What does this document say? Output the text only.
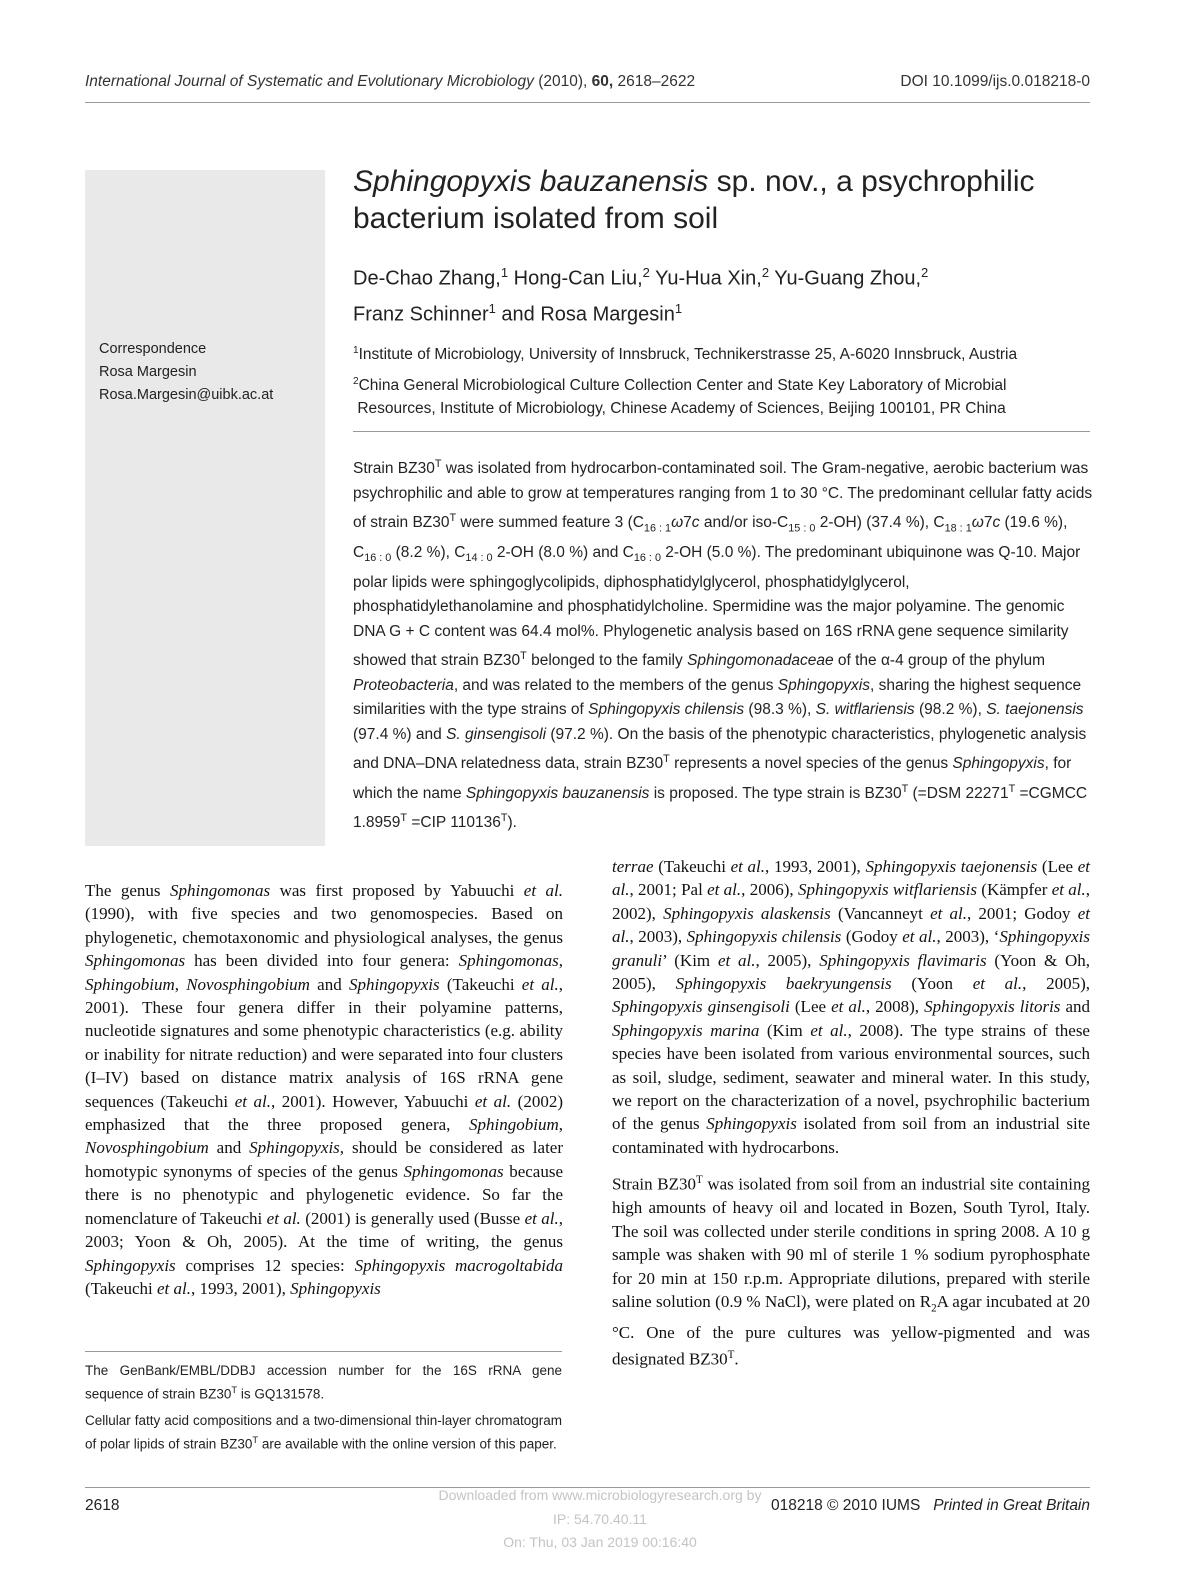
International Journal of Systematic and Evolutionary Microbiology (2010), 60, 2618–2622	DOI 10.1099/ijs.0.018218-0
Correspondence
Rosa Margesin
Rosa.Margesin@uibk.ac.at
Sphingopyxis bauzanensis sp. nov., a psychrophilic
bacterium isolated from soil
De-Chao Zhang,$^1$ Hong-Can Liu,$^2$ Yu-Hua Xin,$^2$ Yu-Guang Zhou,$^2$
Franz Schinner$^1$ and Rosa Margesin$^1$
$^1$Institute of Microbiology, University of Innsbruck, Technikerstrasse 25, A-6020 Innsbruck, Austria
$^2$China General Microbiological Culture Collection Center and State Key Laboratory of Microbial
Resources, Institute of Microbiology, Chinese Academy of Sciences, Beijing 100101, PR China
Strain $BZ30^T$ was isolated from hydrocarbon-contaminated soil. The Gram-negative, aerobic bacterium was psychrophilic and able to grow at temperatures ranging from 1 to 30 °C. The predominant cellular fatty acids of strain $BZ30^T$ were summed feature 3 ($C_{16 : 1}\omega 7c$ and/or iso-$C_{15 : 0}$ 2-OH) (37.4 %), $C_{18 : 1}\omega 7c$ (19.6 %), $C_{16 : 0}$ (8.2 %), $C_{14 : 0}$ 2-OH (8.0 %) and $C_{16 : 0}$ 2-OH (5.0 %). The predominant ubiquinone was Q-10. Major polar lipids were sphingoglycolipids, diphosphatidylglycerol, phosphatidylglycerol, phosphatidylethanolamine and phosphatidylcholine. Spermidine was the major polyamine. The genomic DNA G + C content was 64.4 mol%. Phylogenetic analysis based on 16S rRNA gene sequence similarity showed that strain $BZ30^T$ belonged to the family Sphingomonadaceae of the α-4 group of the phylum Proteobacteria, and was related to the members of the genus Sphingopyxis, sharing the highest sequence similarities with the type strains of Sphingopyxis chilensis (98.3 %), S. witflariensis (98.2 %), S. taejonensis (97.4 %) and S. ginsengisoli (97.2 %). On the basis of the phenotypic characteristics, phylogenetic analysis and DNA–DNA relatedness data, strain $BZ30^T$ represents a novel species of the genus Sphingopyxis, for which the name Sphingopyxis bauzanensis is proposed. The type strain is $BZ30^T$ (=DSM $22271^T$ =CGMCC $1.8959^T =CIP$ $110136^T$).

The genus Sphingomonas was first proposed by Yabuuchi et al. (1990), with five species and two genomospecies. Based on phylogenetic, chemotaxonomic and physiological analyses, the genus Sphingomonas has been divided into four genera: Sphingomonas, Sphingobium, Novosphingobium and Sphingopyxis (Takeuchi et al., 2001). These four genera differ in their polyamine patterns, nucleotide signatures and some phenotypic characteristics (e.g. ability or inability for nitrate reduction) and were separated into four clusters (I–IV) based on distance matrix analysis of 16S rRNA gene sequences (Takeuchi et al., 2001). However, Yabuuchi et al. (2002) emphasized that the three proposed genera, Sphingobium, Novosphingobium and Sphingopyxis, should be considered as later homotypic synonyms of species of the genus Sphingomonas because there is no phenotypic and phylogenetic evidence. So far the nomenclature of Takeuchi et al. (2001) is generally used (Busse et al., 2003; Yoon & Oh, 2005). At the time of writing, the genus Sphingopyxis comprises 12 species: Sphingopyxis macrogoltabida (Takeuchi et al., 1993, 2001), Sphingopyxis

terrae (Takeuchi et al., 1993, 2001), Sphingopyxis taejonensis (Lee et al., 2001; Pal et al., 2006), Sphingopyxis witflariensis (Kämpfer et al., 2002), Sphingopyxis alaskensis (Vancanneyt et al., 2001; Godoy et al., 2003), Sphingopyxis chilensis (Godoy et al., 2003), ‘Sphingopyxis granuli’ (Kim et al., 2005), Sphingopyxis flavimaris (Yoon & Oh, 2005), Sphingopyxis baekryungensis (Yoon et al., 2005), Sphingopyxis ginsengisoli (Lee et al., 2008), Sphingopyxis litoris and Sphingopyxis marina (Kim et al., 2008). The type strains of these species have been isolated from various environmental sources, such as soil, sludge, sediment, seawater and mineral water. In this study, we report on the characterization of a novel, psychrophilic bacterium of the genus Sphingopyxis isolated from soil from an industrial site contaminated with hydrocarbons.

Strain $BZ30^T$ was isolated from soil from an industrial site containing high amounts of heavy oil and located in Bozen, South Tyrol, Italy. The soil was collected under sterile conditions in spring 2008. A 10 g sample was shaken with 90 ml of sterile 1 % sodium pyrophosphate for 20 min at 150 r.p.m. Appropriate dilutions, prepared with sterile saline solution (0.9 % NaCl), were plated on $R_2A$ agar incubated at 20 °C. One of the pure cultures was yellow-pigmented and was designated $BZ30^T$.

The GenBank/EMBL/DDBJ accession number for the 16S rRNA gene sequence of strain $BZ30^T$ is GQ131578.
Cellular fatty acid compositions and a two-dimensional thin-layer chromatogram of polar lipids of strain $BZ30^T$ are available with the online version of this paper.
2618	018218 © 2010 IUMS Printed in Great Britain
Downloaded from www.microbiologyresearch.org by
IP: 54.70.40.11
On: Thu, 03 Jan 2019 00:16:40
